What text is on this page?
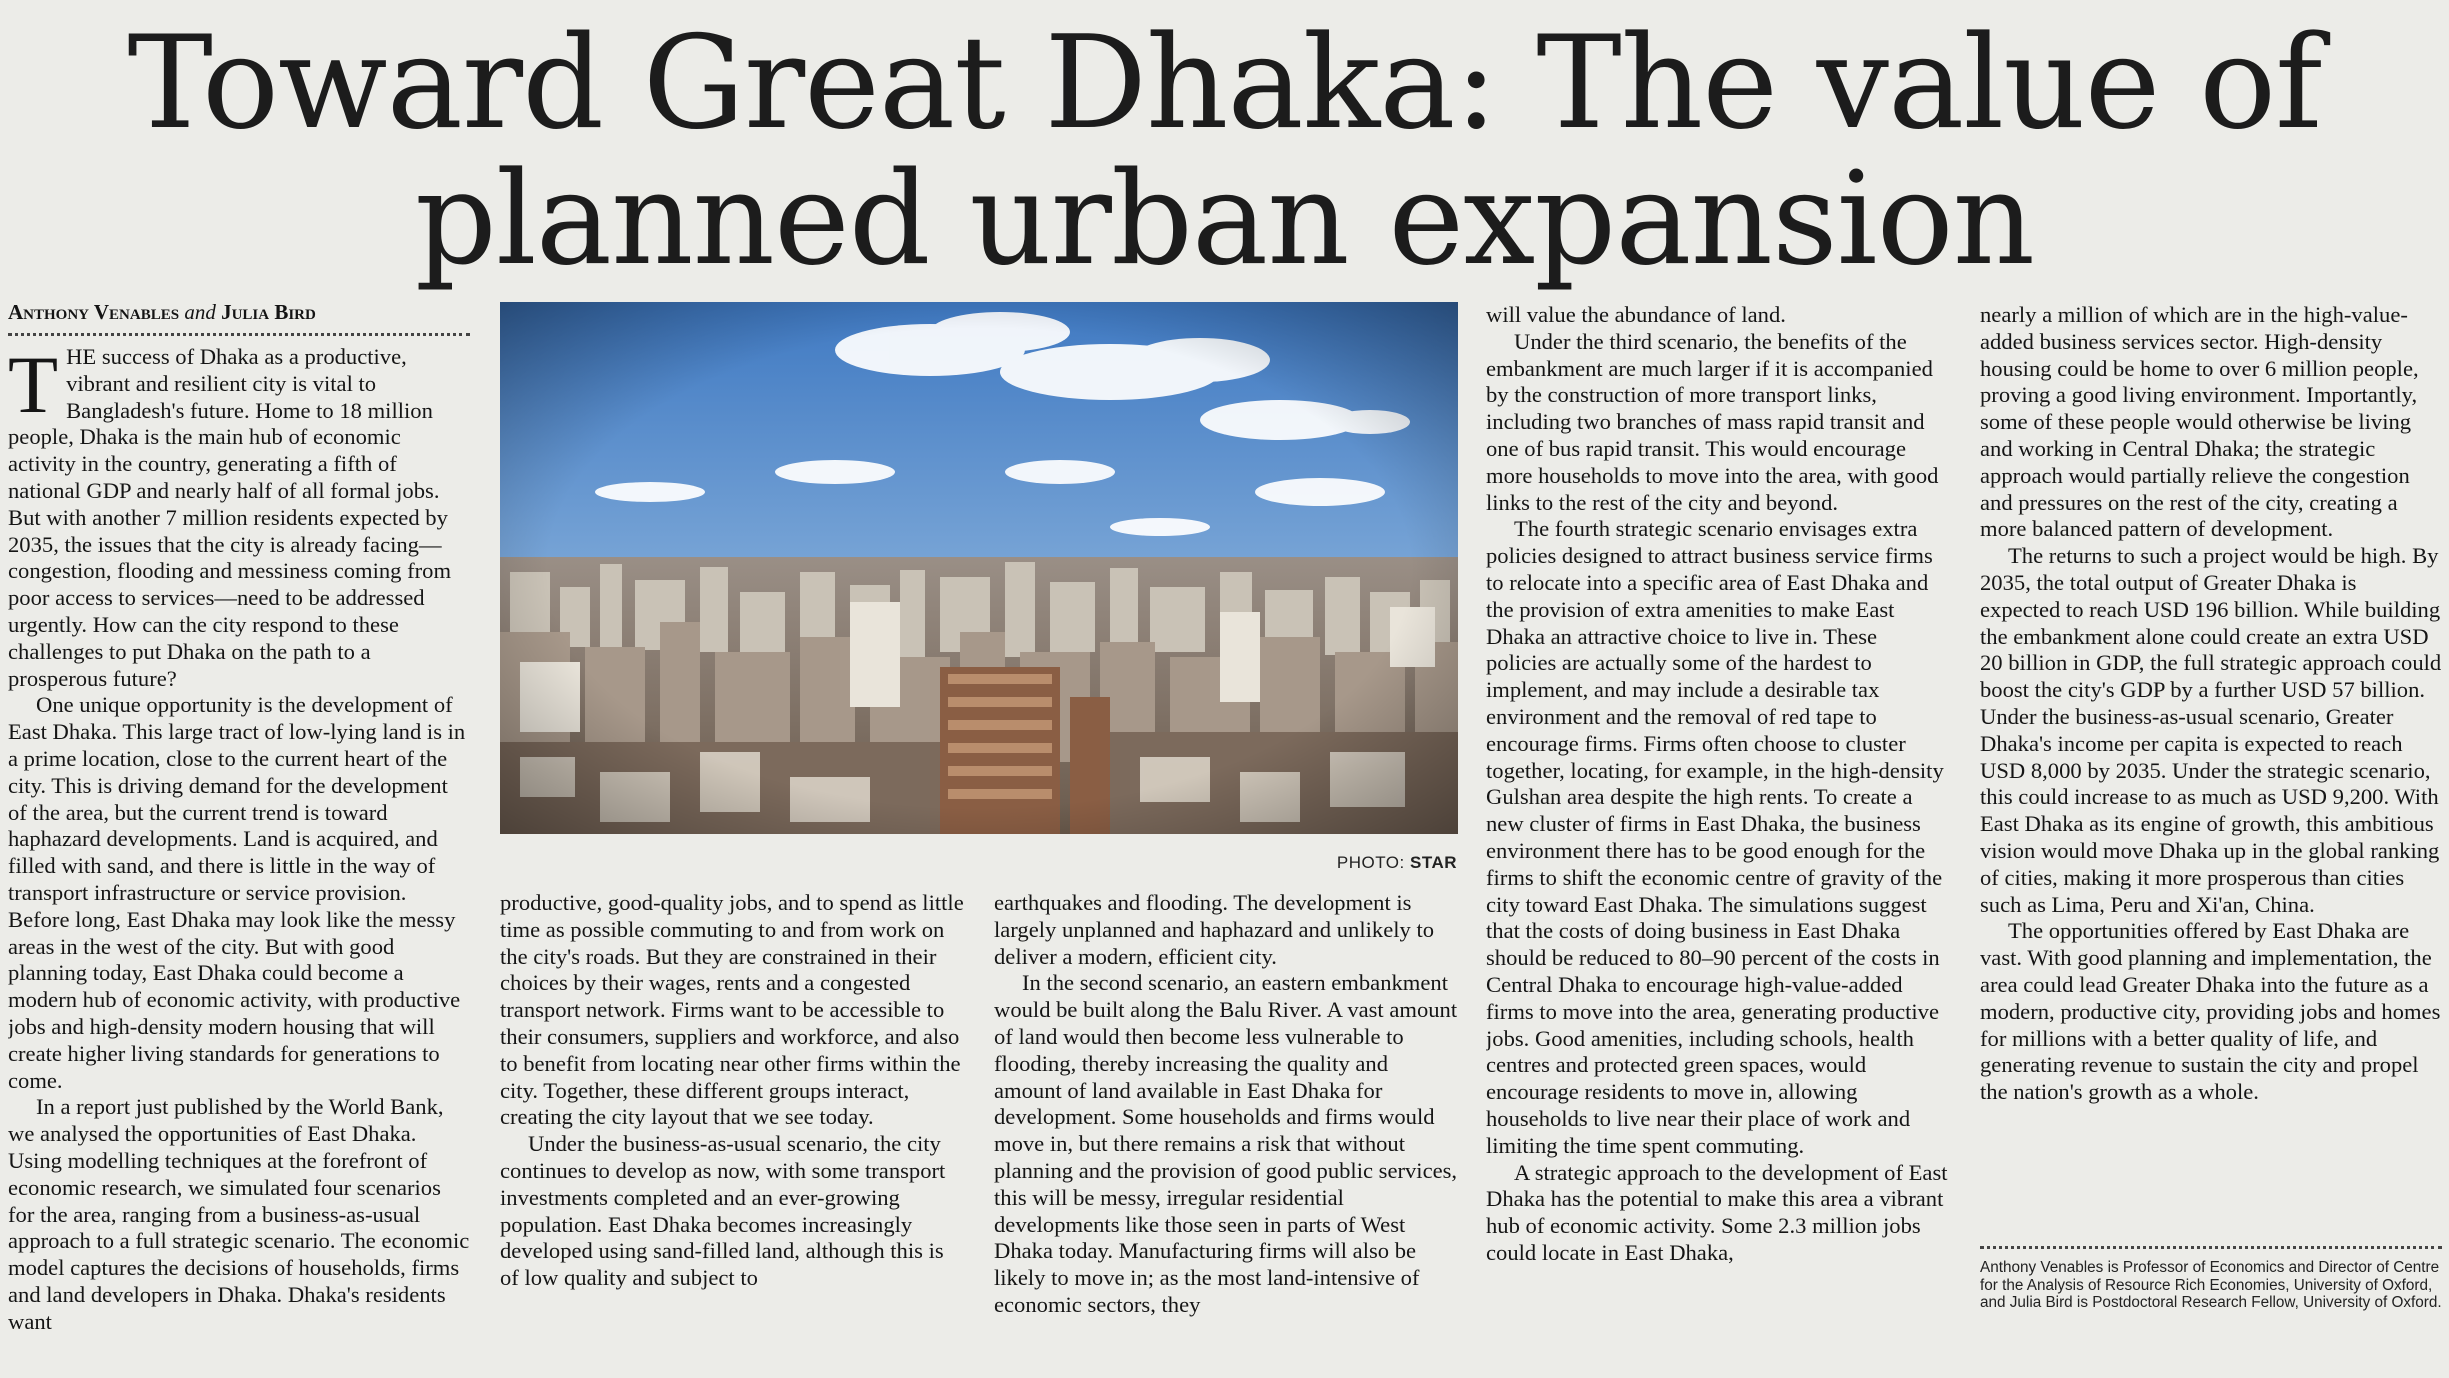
Toward Great Dhaka: The value of
planned urban expansion
Anthony Venables and Julia Bird

THE success of Dhaka as a productive, vibrant and resilient city is vital to Bangladesh's future. Home to 18 million people, Dhaka is the main hub of economic activity in the country, generating a fifth of national GDP and nearly half of all formal jobs. But with another 7 million residents expected by 2035, the issues that the city is already facing—congestion, flooding and messiness coming from poor access to services—need to be addressed urgently. How can the city respond to these challenges to put Dhaka on the path to a prosperous future?

One unique opportunity is the development of East Dhaka. This large tract of low-lying land is in a prime location, close to the current heart of the city. This is driving demand for the development of the area, but the current trend is toward haphazard developments. Land is acquired, and filled with sand, and there is little in the way of transport infrastructure or service provision. Before long, East Dhaka may look like the messy areas in the west of the city. But with good planning today, East Dhaka could become a modern hub of economic activity, with productive jobs and high-density modern housing that will create higher living standards for generations to come.

In a report just published by the World Bank, we analysed the opportunities of East Dhaka. Using modelling techniques at the forefront of economic research, we simulated four scenarios for the area, ranging from a business-as-usual approach to a full strategic scenario. The economic model captures the decisions of households, firms and land developers in Dhaka. Dhaka's residents want

PHOTO: STAR

productive, good-quality jobs, and to spend as little time as possible commuting to and from work on the city's roads. But they are constrained in their choices by their wages, rents and a congested transport network. Firms want to be accessible to their consumers, suppliers and workforce, and also to benefit from locating near other firms within the city. Together, these different groups interact, creating the city layout that we see today.

Under the business-as-usual scenario, the city continues to develop as now, with some transport investments completed and an ever-growing population. East Dhaka becomes increasingly developed using sand-filled land, although this is of low quality and subject to

earthquakes and flooding. The development is largely unplanned and haphazard and unlikely to deliver a modern, efficient city.

In the second scenario, an eastern embankment would be built along the Balu River. A vast amount of land would then become less vulnerable to flooding, thereby increasing the quality and amount of land available in East Dhaka for development. Some households and firms would move in, but there remains a risk that without planning and the provision of good public services, this will be messy, irregular residential developments like those seen in parts of West Dhaka today. Manufacturing firms will also be likely to move in; as the most land-intensive of economic sectors, they

will value the abundance of land.

Under the third scenario, the benefits of the embankment are much larger if it is accompanied by the construction of more transport links, including two branches of mass rapid transit and one of bus rapid transit. This would encourage more households to move into the area, with good links to the rest of the city and beyond.

The fourth strategic scenario envisages extra policies designed to attract business service firms to relocate into a specific area of East Dhaka and the provision of extra amenities to make East Dhaka an attractive choice to live in. These policies are actually some of the hardest to implement, and may include a desirable tax environment and the removal of red tape to encourage firms. Firms often choose to cluster together, locating, for example, in the high-density Gulshan area despite the high rents. To create a new cluster of firms in East Dhaka, the business environment there has to be good enough for the firms to shift the economic centre of gravity of the city toward East Dhaka. The simulations suggest that the costs of doing business in East Dhaka should be reduced to 80–90 percent of the costs in Central Dhaka to encourage high-value-added firms to move into the area, generating productive jobs. Good amenities, including schools, health centres and protected green spaces, would encourage residents to move in, allowing households to live near their place of work and limiting the time spent commuting.

A strategic approach to the development of East Dhaka has the potential to make this area a vibrant hub of economic activity. Some 2.3 million jobs could locate in East Dhaka,

nearly a million of which are in the high-value-added business services sector. High-density housing could be home to over 6 million people, proving a good living environment. Importantly, some of these people would otherwise be living and working in Central Dhaka; the strategic approach would partially relieve the congestion and pressures on the rest of the city, creating a more balanced pattern of development.

The returns to such a project would be high. By 2035, the total output of Greater Dhaka is expected to reach USD 196 billion. While building the embankment alone could create an extra USD 20 billion in GDP, the full strategic approach could boost the city's GDP by a further USD 57 billion. Under the business-as-usual scenario, Greater Dhaka's income per capita is expected to reach USD 8,000 by 2035. Under the strategic scenario, this could increase to as much as USD 9,200. With East Dhaka as its engine of growth, this ambitious vision would move Dhaka up in the global ranking of cities, making it more prosperous than cities such as Lima, Peru and Xi'an, China.

The opportunities offered by East Dhaka are vast. With good planning and implementation, the area could lead Greater Dhaka into the future as a modern, productive city, providing jobs and homes for millions with a better quality of life, and generating revenue to sustain the city and propel the nation's growth as a whole.

Anthony Venables is Professor of Economics and Director of Centre for the Analysis of Resource Rich Economies, University of Oxford, and Julia Bird is Postdoctoral Research Fellow, University of Oxford.
